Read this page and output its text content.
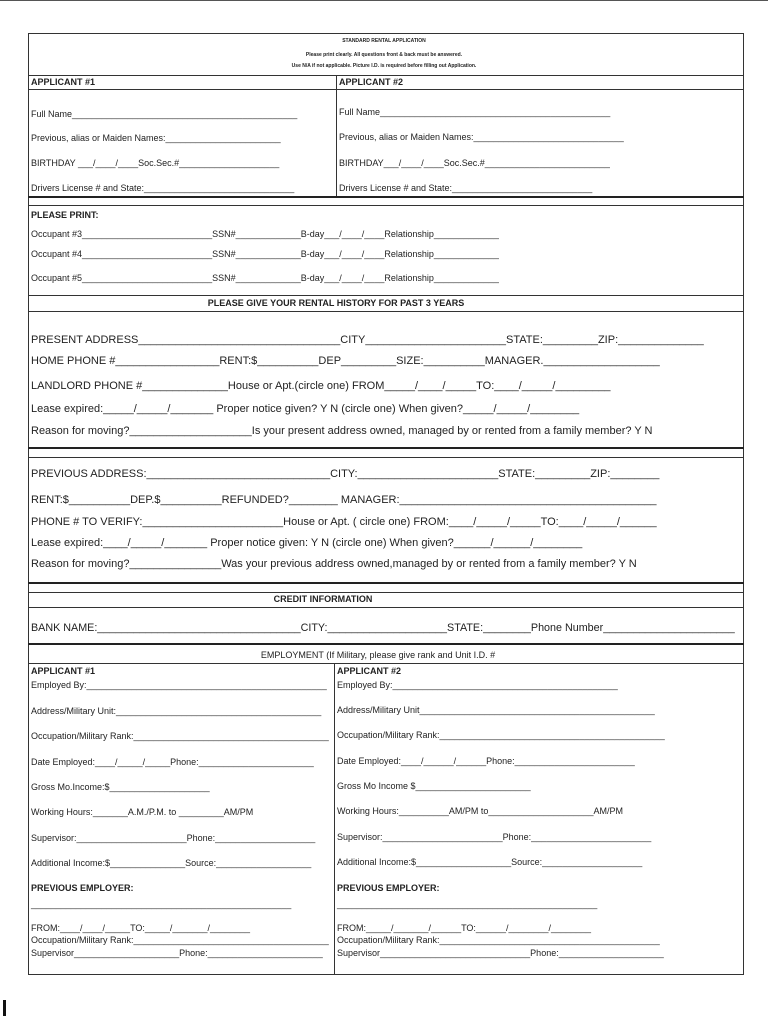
STANDARD RENTAL APPLICATION
Please print clearly. All questions front & back must be answered.
Use N/A if not applicable. Picture I.D. is required before filling out Application.
APPLICANT #1	APPLICANT #2
Full Name_____________________________________________
Previous, alias or Maiden Names:_______________________
BIRTHDAY ___/____/____Soc.Sec.#____________________
Drivers License # and State:______________________________
Full Name______________________________________________
Previous, alias or Maiden Names:______________________________
BIRTHDAY___/____/____Soc.Sec.#_________________________
Drivers License # and State:____________________________
PLEASE PRINT:
Occupant #3__________________________SSN#_____________B-day___/____/____Relationship_____________
Occupant #4__________________________SSN#_____________B-day___/____/____Relationship_____________
Occupant #5__________________________SSN#_____________B-day___/____/____Relationship_____________
PLEASE GIVE YOUR RENTAL HISTORY FOR PAST 3 YEARS
PRESENT ADDRESS_________________________________CITY_______________________STATE:_________ZIP:______________
HOME PHONE #_________________RENT:$__________DEP_________SIZE:__________MANAGER.___________________
LANDLORD PHONE #______________House or Apt.(circle one) FROM_____/____/_____TO:____/_____/_________
Lease expired:_____/_____/_______ Proper notice given? Y N (circle one) When given?_____/_____/________
Reason for moving?____________________Is your present address owned, managed by or rented from a family member? Y N
PREVIOUS ADDRESS:______________________________CITY:_______________________STATE:_________ZIP:________
RENT:$__________DEP.$__________REFUNDED?________ MANAGER:__________________________________________
PHONE # TO VERIFY:_______________________House or Apt. ( circle one) FROM:____/_____/_____TO:____/_____/______
Lease expired:____/_____/_______ Proper notice given: Y N (circle one) When given?______/______/________
Reason for moving?_______________Was your previous address owned,managed by or rented from a family member? Y N
CREDIT INFORMATION
BANK NAME:__________________________________CITY:____________________STATE:________Phone Number______________________
EMPLOYMENT (If Military, please give rank and Unit I.D. #
APPLICANT #1
Employed By:________________________________________________
Address/Military Unit:_________________________________________
Occupation/Military Rank:_______________________________________
Date Employed:____/_____/_____Phone:_______________________
Gross Mo.Income:$____________________
Working Hours:_______A.M./P.M. to _________AM/PM
Supervisor:______________________Phone:____________________
Additional Income:$_______________Source:___________________
PREVIOUS EMPLOYER:
____________________________________________________
FROM:____/____/_____TO:_____/_______/________
Occupation/Military Rank:_______________________________________
Supervisor_____________________Phone:_______________________
APPLICANT #2
Employed By:_____________________________________________
Address/Military Unit_______________________________________________
Occupation/Military Rank:_____________________________________________
Date Employed:____/______/______Phone:________________________
Gross Mo Income $_______________________
Working Hours:__________AM/PM to_____________________AM/PM
Supervisor:________________________Phone:________________________
Additional Income:$___________________Source:____________________
PREVIOUS EMPLOYER:
____________________________________________________
FROM:_____/_______/______TO:______/________/________
Occupation/Military Rank:____________________________________________
Supervisor______________________________Phone:_____________________
